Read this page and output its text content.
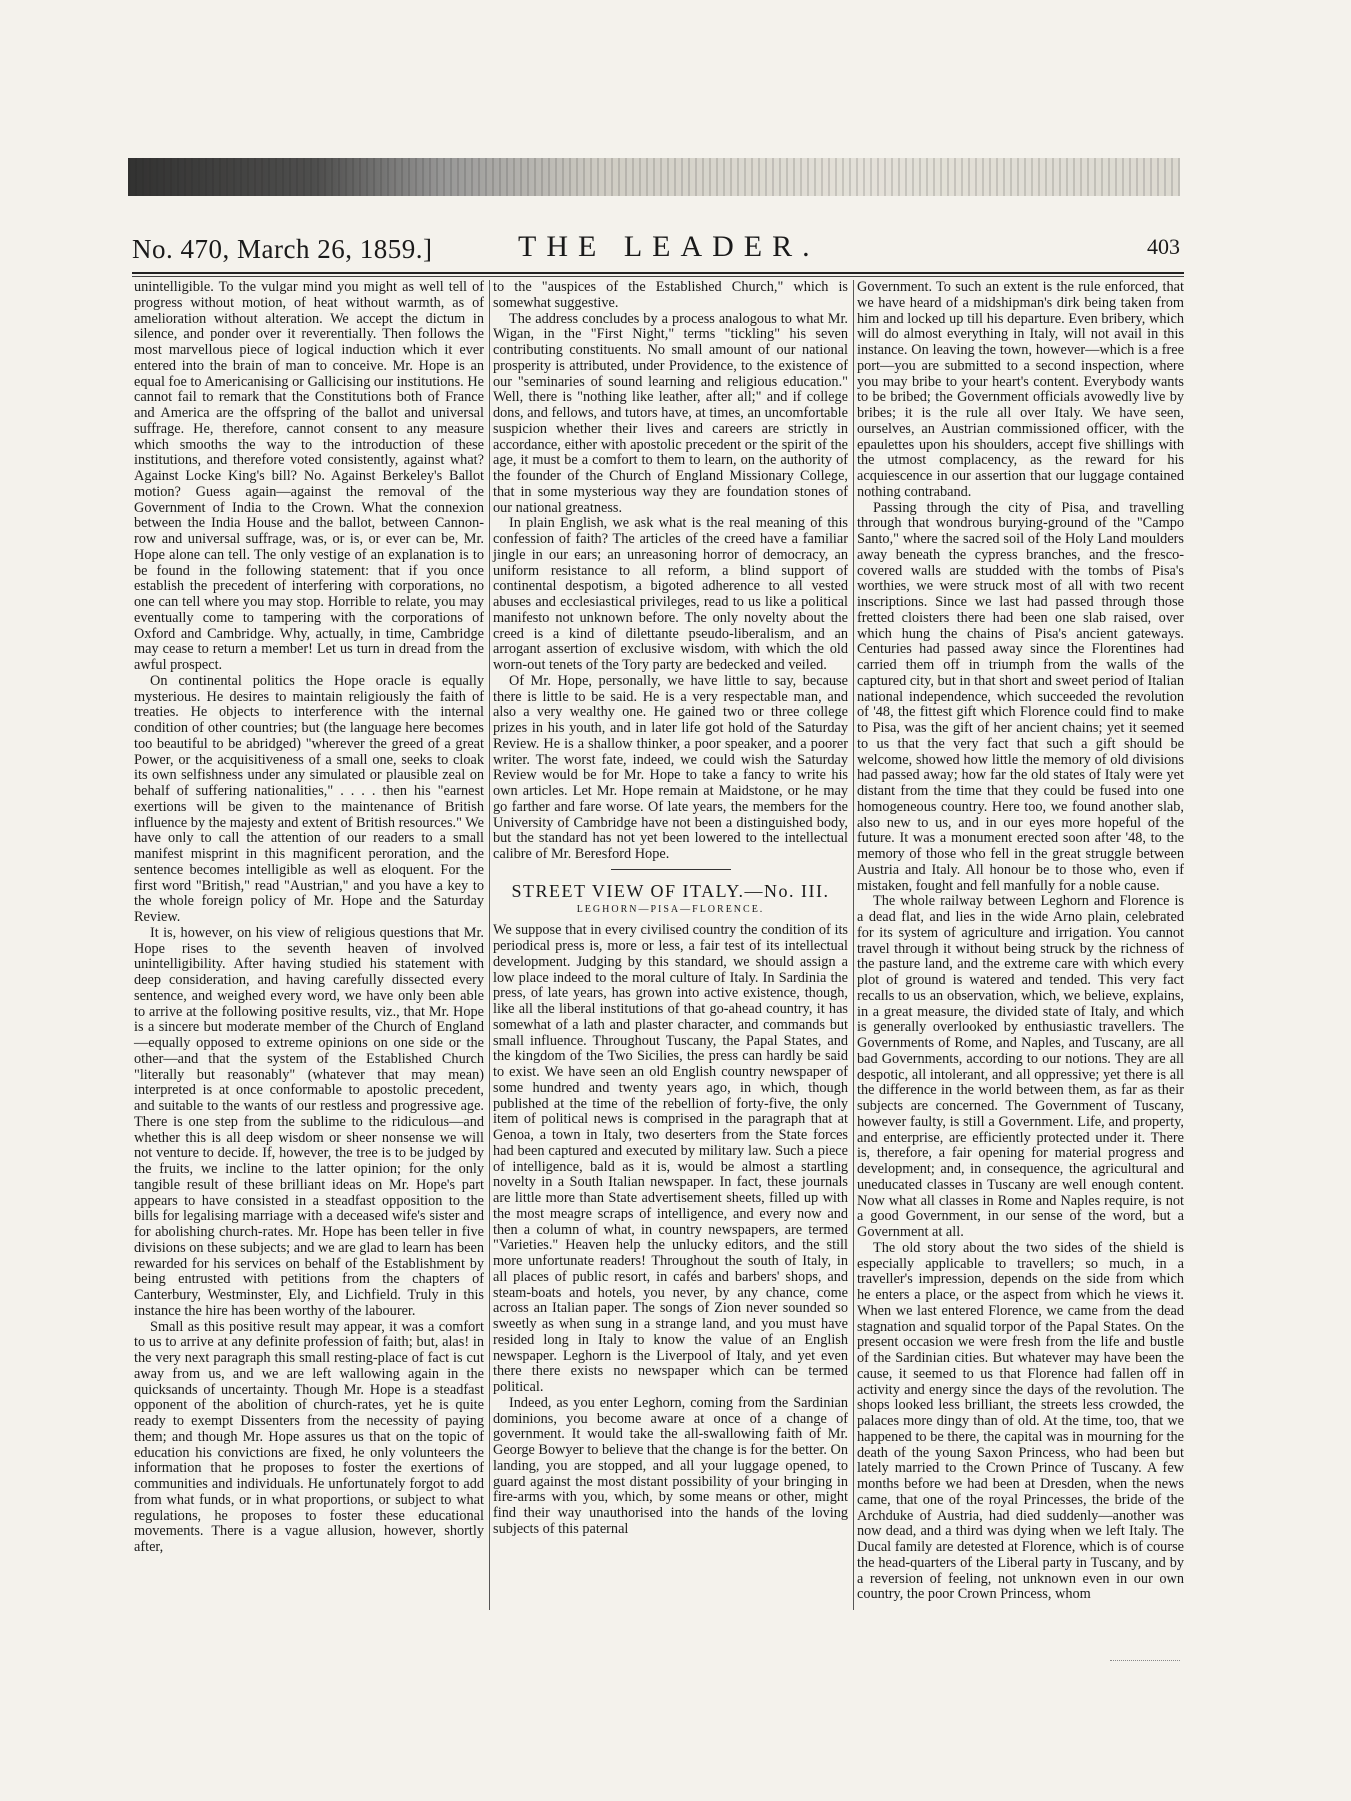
No. 470, March 26, 1859.]	THE LEADER.	403

unintelligible. To the vulgar mind you might as well tell of progress without motion, of heat without warmth, as of amelioration without alteration. We accept the dictum in silence, and ponder over it reverentially. Then follows the most marvellous piece of logical induction which it ever entered into the brain of man to conceive. Mr. Hope is an equal foe to Americanising or Gallicising our institutions. He cannot fail to remark that the Constitutions both of France and America are the offspring of the ballot and universal suffrage. He, therefore, cannot consent to any measure which smooths the way to the introduction of these institutions, and therefore voted consistently, against what? Against Locke King's bill? No. Against Berkeley's Ballot motion? Guess again—against the removal of the Government of India to the Crown. What the connexion between the India House and the ballot, between Cannon-row and universal suffrage, was, or is, or ever can be, Mr. Hope alone can tell. The only vestige of an explanation is to be found in the following statement: that if you once establish the precedent of interfering with corporations, no one can tell where you may stop. Horrible to relate, you may eventually come to tampering with the corporations of Oxford and Cambridge. Why, actually, in time, Cambridge may cease to return a member! Let us turn in dread from the awful prospect.

On continental politics the Hope oracle is equally mysterious. He desires to maintain religiously the faith of treaties. He objects to interference with the internal condition of other countries; but (the language here becomes too beautiful to be abridged) "wherever the greed of a great Power, or the acquisitiveness of a small one, seeks to cloak its own selfishness under any simulated or plausible zeal on behalf of suffering nationalities," . . . . then his "earnest exertions will be given to the maintenance of British influence by the majesty and extent of British resources." We have only to call the attention of our readers to a small manifest misprint in this magnificent peroration, and the sentence becomes intelligible as well as eloquent. For the first word "British," read "Austrian," and you have a key to the whole foreign policy of Mr. Hope and the Saturday Review.

It is, however, on his view of religious questions that Mr. Hope rises to the seventh heaven of involved unintelligibility. After having studied his statement with deep consideration, and having carefully dissected every sentence, and weighed every word, we have only been able to arrive at the following positive results, viz., that Mr. Hope is a sincere but moderate member of the Church of England—equally opposed to extreme opinions on one side or the other—and that the system of the Established Church "literally but reasonably" (whatever that may mean) interpreted is at once conformable to apostolic precedent, and suitable to the wants of our restless and progressive age. There is one step from the sublime to the ridiculous—and whether this is all deep wisdom or sheer nonsense we will not venture to decide. If, however, the tree is to be judged by the fruits, we incline to the latter opinion; for the only tangible result of these brilliant ideas on Mr. Hope's part appears to have consisted in a steadfast opposition to the bills for legalising marriage with a deceased wife's sister and for abolishing church-rates. Mr. Hope has been teller in five divisions on these subjects; and we are glad to learn has been rewarded for his services on behalf of the Establishment by being entrusted with petitions from the chapters of Canterbury, Westminster, Ely, and Lichfield. Truly in this instance the hire has been worthy of the labourer.

Small as this positive result may appear, it was a comfort to us to arrive at any definite profession of faith; but, alas! in the very next paragraph this small resting-place of fact is cut away from us, and we are left wallowing again in the quicksands of uncertainty. Though Mr. Hope is a steadfast opponent of the abolition of church-rates, yet he is quite ready to exempt Dissenters from the necessity of paying them; and though Mr. Hope assures us that on the topic of education his convictions are fixed, he only volunteers the information that he proposes to foster the exertions of communities and individuals. He unfortunately forgot to add from what funds, or in what proportions, or subject to what regulations, he proposes to foster these educational movements. There is a vague allusion, however, shortly after,

to the "auspices of the Established Church," which is somewhat suggestive.

The address concludes by a process analogous to what Mr. Wigan, in the "First Night," terms "tickling" his seven contributing constituents. No small amount of our national prosperity is attributed, under Providence, to the existence of our "seminaries of sound learning and religious education." Well, there is "nothing like leather, after all;" and if college dons, and fellows, and tutors have, at times, an uncomfortable suspicion whether their lives and careers are strictly in accordance, either with apostolic precedent or the spirit of the age, it must be a comfort to them to learn, on the authority of the founder of the Church of England Missionary College, that in some mysterious way they are foundation stones of our national greatness.

In plain English, we ask what is the real meaning of this confession of faith? The articles of the creed have a familiar jingle in our ears; an unreasoning horror of democracy, an uniform resistance to all reform, a blind support of continental despotism, a bigoted adherence to all vested abuses and ecclesiastical privileges, read to us like a political manifesto not unknown before. The only novelty about the creed is a kind of dilettante pseudo-liberalism, and an arrogant assertion of exclusive wisdom, with which the old worn-out tenets of the Tory party are bedecked and veiled.

Of Mr. Hope, personally, we have little to say, because there is little to be said. He is a very respectable man, and also a very wealthy one. He gained two or three college prizes in his youth, and in later life got hold of the Saturday Review. He is a shallow thinker, a poor speaker, and a poorer writer. The worst fate, indeed, we could wish the Saturday Review would be for Mr. Hope to take a fancy to write his own articles. Let Mr. Hope remain at Maidstone, or he may go farther and fare worse. Of late years, the members for the University of Cambridge have not been a distinguished body, but the standard has not yet been lowered to the intellectual calibre of Mr. Beresford Hope.

STREET VIEW OF ITALY.—No. III.
LEGHORN—PISA—FLORENCE.

We suppose that in every civilised country the condition of its periodical press is, more or less, a fair test of its intellectual development. Judging by this standard, we should assign a low place indeed to the moral culture of Italy. In Sardinia the press, of late years, has grown into active existence, though, like all the liberal institutions of that go-ahead country, it has somewhat of a lath and plaster character, and commands but small influence. Throughout Tuscany, the Papal States, and the kingdom of the Two Sicilies, the press can hardly be said to exist. We have seen an old English country newspaper of some hundred and twenty years ago, in which, though published at the time of the rebellion of forty-five, the only item of political news is comprised in the paragraph that at Genoa, a town in Italy, two deserters from the State forces had been captured and executed by military law. Such a piece of intelligence, bald as it is, would be almost a startling novelty in a South Italian newspaper. In fact, these journals are little more than State advertisement sheets, filled up with the most meagre scraps of intelligence, and every now and then a column of what, in country newspapers, are termed "Varieties." Heaven help the unlucky editors, and the still more unfortunate readers! Throughout the south of Italy, in all places of public resort, in cafés and barbers' shops, and steam-boats and hotels, you never, by any chance, come across an Italian paper. The songs of Zion never sounded so sweetly as when sung in a strange land, and you must have resided long in Italy to know the value of an English newspaper. Leghorn is the Liverpool of Italy, and yet even there there exists no newspaper which can be termed political.

Indeed, as you enter Leghorn, coming from the Sardinian dominions, you become aware at once of a change of government. It would take the all-swallowing faith of Mr. George Bowyer to believe that the change is for the better. On landing, you are stopped, and all your luggage opened, to guard against the most distant possibility of your bringing in fire-arms with you, which, by some means or other, might find their way unauthorised into the hands of the loving subjects of this paternal

Government. To such an extent is the rule enforced, that we have heard of a midshipman's dirk being taken from him and locked up till his departure. Even bribery, which will do almost everything in Italy, will not avail in this instance. On leaving the town, however—which is a free port—you are submitted to a second inspection, where you may bribe to your heart's content. Everybody wants to be bribed; the Government officials avowedly live by bribes; it is the rule all over Italy. We have seen, ourselves, an Austrian commissioned officer, with the epaulettes upon his shoulders, accept five shillings with the utmost complacency, as the reward for his acquiescence in our assertion that our luggage contained nothing contraband.

Passing through the city of Pisa, and travelling through that wondrous burying-ground of the "Campo Santo," where the sacred soil of the Holy Land moulders away beneath the cypress branches, and the fresco-covered walls are studded with the tombs of Pisa's worthies, we were struck most of all with two recent inscriptions. Since we last had passed through those fretted cloisters there had been one slab raised, over which hung the chains of Pisa's ancient gateways. Centuries had passed away since the Florentines had carried them off in triumph from the walls of the captured city, but in that short and sweet period of Italian national independence, which succeeded the revolution of '48, the fittest gift which Florence could find to make to Pisa, was the gift of her ancient chains; yet it seemed to us that the very fact that such a gift should be welcome, showed how little the memory of old divisions had passed away; how far the old states of Italy were yet distant from the time that they could be fused into one homogeneous country. Here too, we found another slab, also new to us, and in our eyes more hopeful of the future. It was a monument erected soon after '48, to the memory of those who fell in the great struggle between Austria and Italy. All honour be to those who, even if mistaken, fought and fell manfully for a noble cause.

The whole railway between Leghorn and Florence is a dead flat, and lies in the wide Arno plain, celebrated for its system of agriculture and irrigation. You cannot travel through it without being struck by the richness of the pasture land, and the extreme care with which every plot of ground is watered and tended. This very fact recalls to us an observation, which, we believe, explains, in a great measure, the divided state of Italy, and which is generally overlooked by enthusiastic travellers. The Governments of Rome, and Naples, and Tuscany, are all bad Governments, according to our notions. They are all despotic, all intolerant, and all oppressive; yet there is all the difference in the world between them, as far as their subjects are concerned. The Government of Tuscany, however faulty, is still a Government. Life, and property, and enterprise, are efficiently protected under it. There is, therefore, a fair opening for material progress and development; and, in consequence, the agricultural and uneducated classes in Tuscany are well enough content. Now what all classes in Rome and Naples require, is not a good Government, in our sense of the word, but a Government at all.

The old story about the two sides of the shield is especially applicable to travellers; so much, in a traveller's impression, depends on the side from which he enters a place, or the aspect from which he views it. When we last entered Florence, we came from the dead stagnation and squalid torpor of the Papal States. On the present occasion we were fresh from the life and bustle of the Sardinian cities. But whatever may have been the cause, it seemed to us that Florence had fallen off in activity and energy since the days of the revolution. The shops looked less brilliant, the streets less crowded, the palaces more dingy than of old. At the time, too, that we happened to be there, the capital was in mourning for the death of the young Saxon Princess, who had been but lately married to the Crown Prince of Tuscany. A few months before we had been at Dresden, when the news came, that one of the royal Princesses, the bride of the Archduke of Austria, had died suddenly—another was now dead, and a third was dying when we left Italy. The Ducal family are detested at Florence, which is of course the head-quarters of the Liberal party in Tuscany, and by a reversion of feeling, not unknown even in our own country, the poor Crown Princess, whom
